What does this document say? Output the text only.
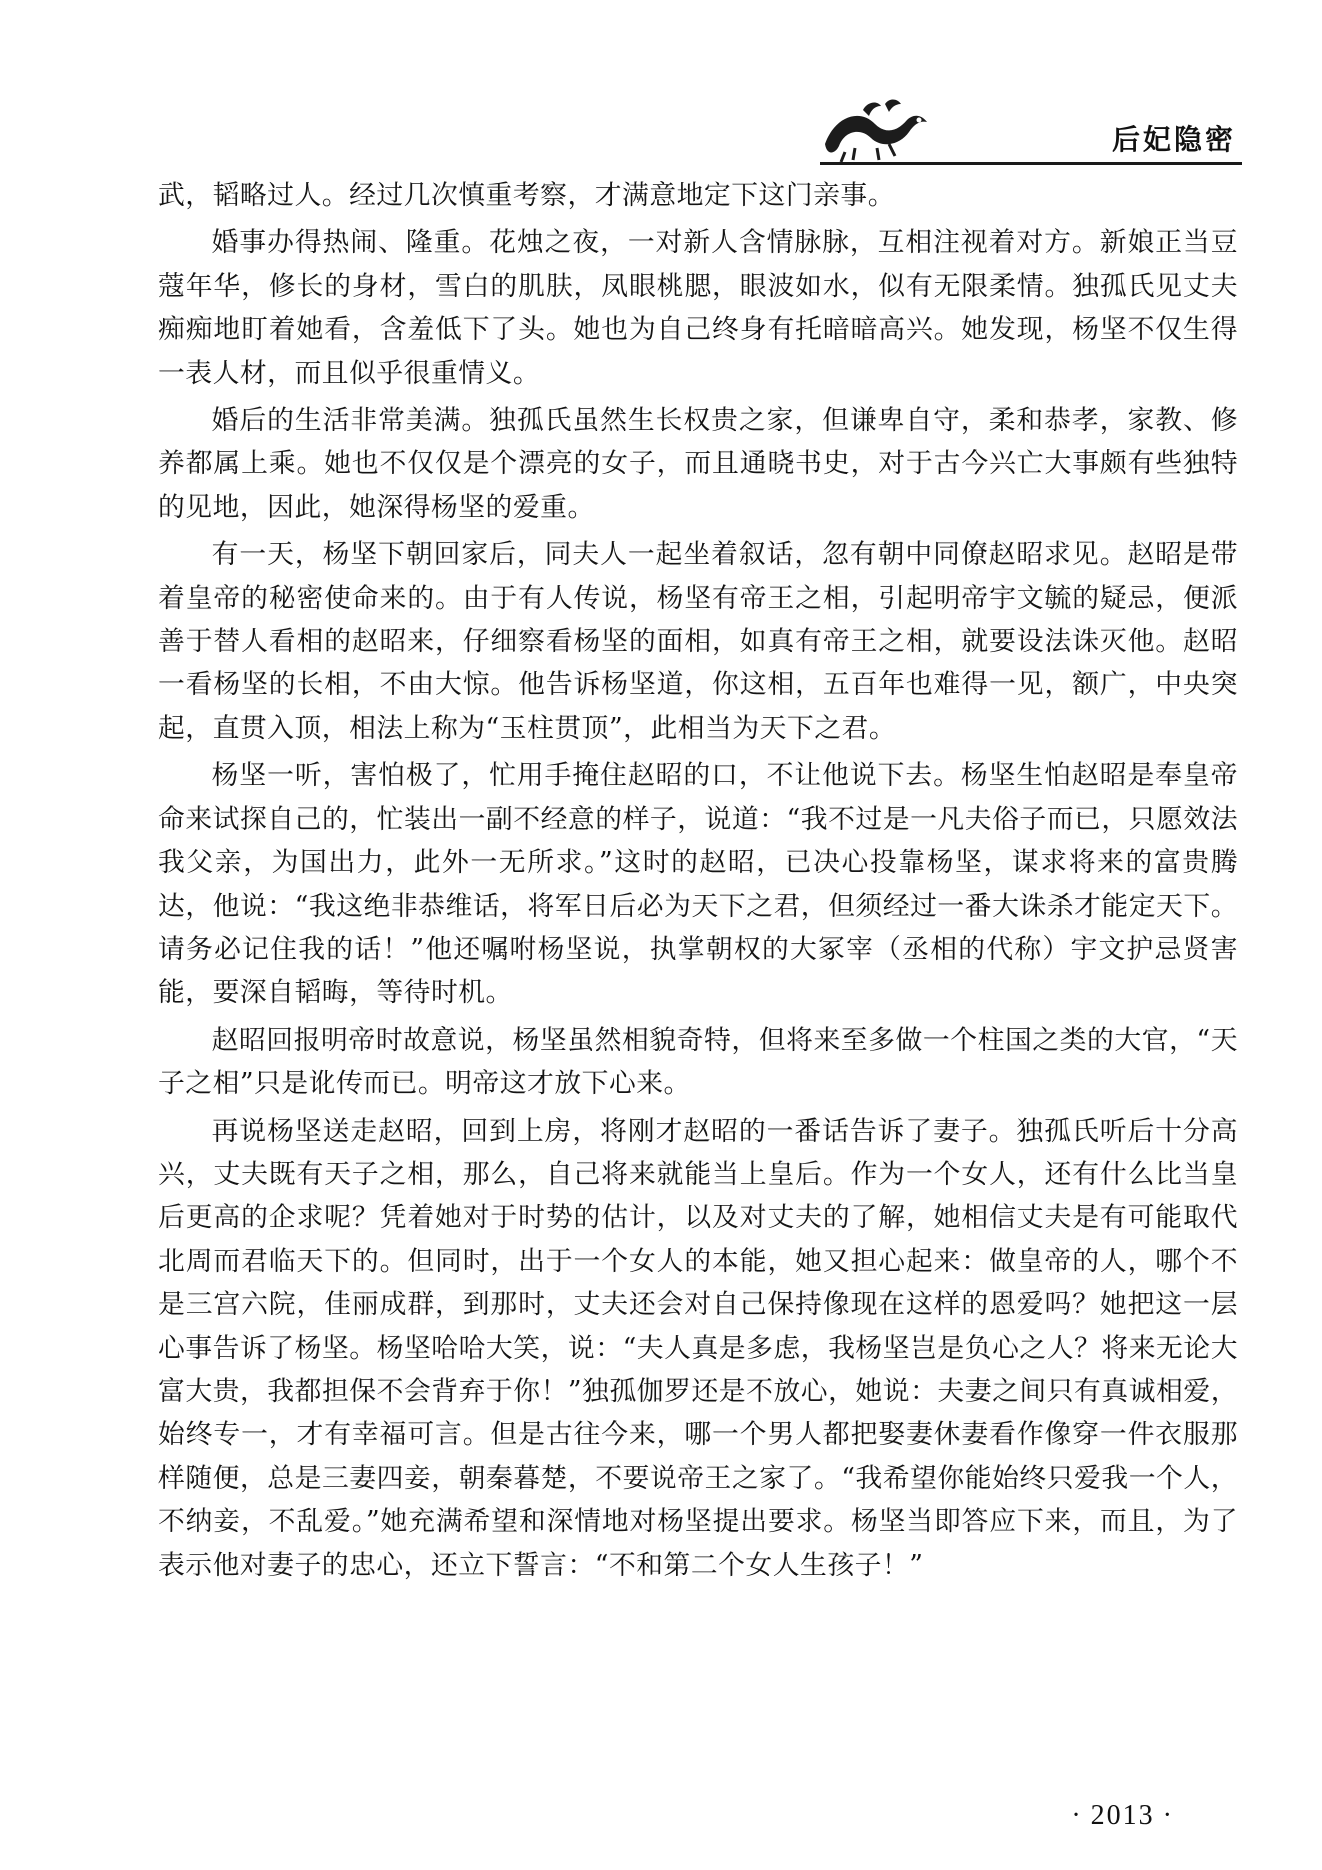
后妃隐密

武，韬略过人。经过几次慎重考察，才满意地定下这门亲事。

婚事办得热闹、隆重。花烛之夜，一对新人含情脉脉，互相注视着对方。新娘正当豆蔻年华，修长的身材，雪白的肌肤，凤眼桃腮，眼波如水，似有无限柔情。独孤氏见丈夫痴痴地盯着她看，含羞低下了头。她也为自己终身有托暗暗高兴。她发现，杨坚不仅生得一表人材，而且似乎很重情义。

婚后的生活非常美满。独孤氏虽然生长权贵之家，但谦卑自守，柔和恭孝，家教、修养都属上乘。她也不仅仅是个漂亮的女子，而且通晓书史，对于古今兴亡大事颇有些独特的见地，因此，她深得杨坚的爱重。

有一天，杨坚下朝回家后，同夫人一起坐着叙话，忽有朝中同僚赵昭求见。赵昭是带着皇帝的秘密使命来的。由于有人传说，杨坚有帝王之相，引起明帝宇文毓的疑忌，便派善于替人看相的赵昭来，仔细察看杨坚的面相，如真有帝王之相，就要设法诛灭他。赵昭一看杨坚的长相，不由大惊。他告诉杨坚道，你这相，五百年也难得一见，额广，中央突起，直贯入顶，相法上称为“玉柱贯顶”，此相当为天下之君。

杨坚一听，害怕极了，忙用手掩住赵昭的口，不让他说下去。杨坚生怕赵昭是奉皇帝命来试探自己的，忙装出一副不经意的样子，说道：“我不过是一凡夫俗子而已，只愿效法我父亲，为国出力，此外一无所求。”这时的赵昭，已决心投靠杨坚，谋求将来的富贵腾达，他说：“我这绝非恭维话，将军日后必为天下之君，但须经过一番大诛杀才能定天下。请务必记住我的话！”他还嘱咐杨坚说，执掌朝权的大冢宰（丞相的代称）宇文护忌贤害能，要深自韬晦，等待时机。

赵昭回报明帝时故意说，杨坚虽然相貌奇特，但将来至多做一个柱国之类的大官，“天子之相”只是讹传而已。明帝这才放下心来。

再说杨坚送走赵昭，回到上房，将刚才赵昭的一番话告诉了妻子。独孤氏听后十分高兴，丈夫既有天子之相，那么，自己将来就能当上皇后。作为一个女人，还有什么比当皇后更高的企求呢？凭着她对于时势的估计，以及对丈夫的了解，她相信丈夫是有可能取代北周而君临天下的。但同时，出于一个女人的本能，她又担心起来：做皇帝的人，哪个不是三宫六院，佳丽成群，到那时，丈夫还会对自己保持像现在这样的恩爱吗？她把这一层心事告诉了杨坚。杨坚哈哈大笑，说：“夫人真是多虑，我杨坚岂是负心之人？将来无论大富大贵，我都担保不会背弃于你！”独孤伽罗还是不放心，她说：夫妻之间只有真诚相爱，始终专一，才有幸福可言。但是古往今来，哪一个男人都把娶妻休妻看作像穿一件衣服那样随便，总是三妻四妾，朝秦暮楚，不要说帝王之家了。“我希望你能始终只爱我一个人，不纳妾，不乱爱。”她充满希望和深情地对杨坚提出要求。杨坚当即答应下来，而且，为了表示他对妻子的忠心，还立下誓言：“不和第二个女人生孩子！”

· 2013 ·
